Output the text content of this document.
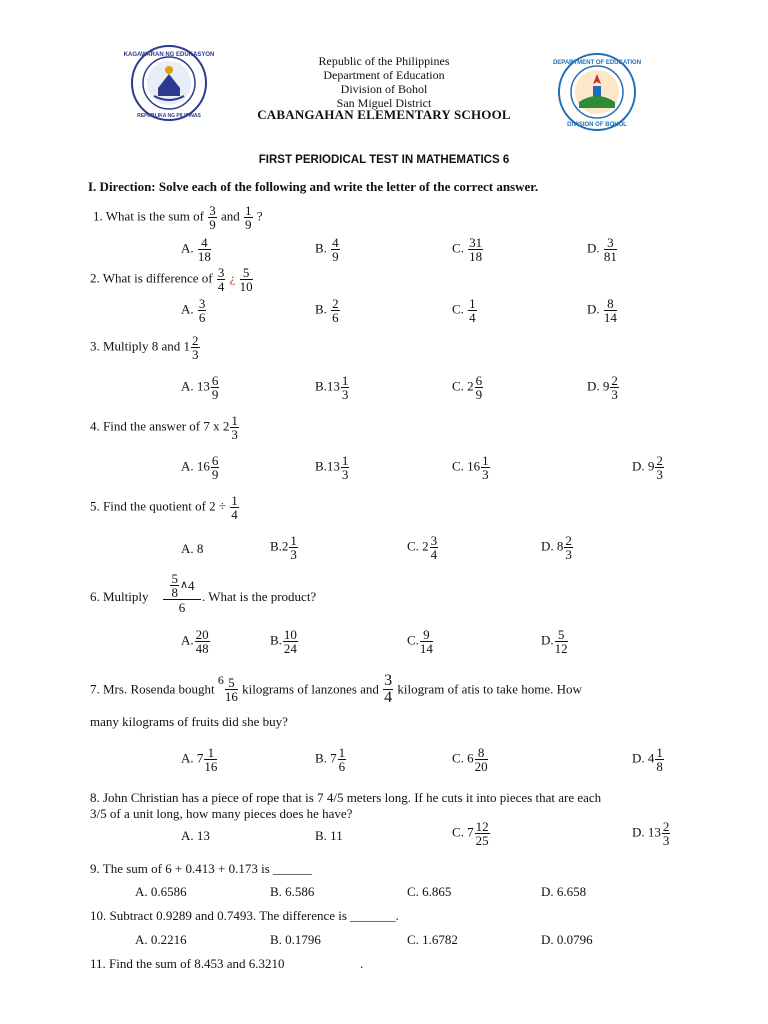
KAGAWARAN NG EDUKASYON
REPUBLIKA NG PILIPINAS
DEPARTMENT OF EDUCATION
DIVISION OF BOHOL
Republic of the Philippines
Department of Education
Division of Bohol
San Miguel District
CABANGAHAN ELEMENTARY SCHOOL
FIRST PERIODICAL TEST IN MATHEMATICS 6
I. Direction: Solve each of the following and write the letter of the correct answer.
1. What is the sum of $\frac{3}{9}$ and $\frac{1}{9}$ ?
A. $\frac{4}{18}$	B. $\frac{4}{9}$	C. $\frac{31}{18}$	D. $\frac{3}{81}$
2. What is difference of $\frac{3}{4}$ ¿ $\frac{5}{10}$
A. $\frac{3}{6}$	B. $\frac{2}{6}$	C. $\frac{1}{4}$	D. $\frac{8}{14}$
3. Multiply 8 and $1 \frac{2}{3}$
A. $13 \frac{6}{9}$	$B.13 \frac{1}{3}$	C. $2 \frac{6}{9}$	D. $9 \frac{2}{3}$
4. Find the answer of 7 x $2 \frac{1}{3}$
A. $16 \frac{6}{9}$	$B.13 \frac{1}{3}$	C. $16 \frac{1}{3}$	D. $9 \frac{2}{3}$
5. Find the quotient of $2 \div \frac{1}{4}$
A. 8	$B.2 \frac{1}{3}$	C. $2 \frac{3}{4}$	D. $8 \frac{2}{3}$
6. Multiply $\frac{5}{8}$ ∧4
6
. What is the product?
A. $\frac{20}{48}$	B. $\frac{10}{24}$	C. $\frac{9}{14}$	D. $\frac{5}{12}$
7. Mrs. Rosenda bought $6 \frac{5}{16}$ kilograms of lanzones and $\frac{3}{4}$ kilogram of atis to take home. How
many kilograms of fruits did she buy?
A. $7 \frac{1}{16}$	B. $7 \frac{1}{6}$	C. $6 \frac{8}{20}$	D. $4 \frac{1}{8}$
8. John Christian has a piece of rope that is 7 4/5 meters long. If he cuts it into pieces that are each
3/5 of a unit long, how many pieces does he have?
A. 13	B. 11	C. $7 \frac{12}{25}$	D. $13 \frac{2}{3}$
9. The sum of 6 + 0.413 + 0.173 is ______
A. 0.6586	B. 6.586	C. 6.865	D. 6.658
10. Subtract 0.9289 and 0.7493. The difference is _______.
A. 0.2216	B. 0.1796	C. 1.6782	D. 0.0796
11. Find the sum of 8.453 and 6.3210	.
